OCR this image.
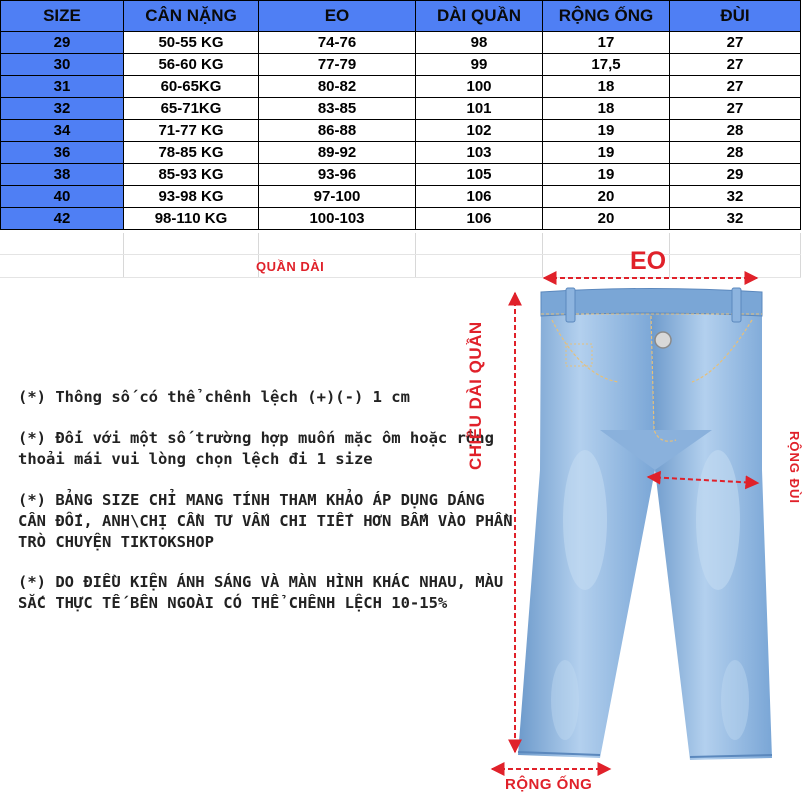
SIZE	CÂN NẶNG	EO	DÀI QUẦN	RỘNG ỐNG	ĐÙI
29	50-55 KG	74-76	98	17	27
30	56-60 KG	77-79	99	17,5	27
31	60-65KG	80-82	100	18	27
32	65-71KG	83-85	101	18	27
34	71-77 KG	86-88	102	19	28
36	78-85 KG	89-92	103	19	28
38	85-93 KG	93-96	105	19	29
40	93-98 KG	97-100	106	20	32
42	98-110 KG	100-103	106	20	32

QUẦN DÀI
(*) Thông số có thể chênh lệch (+)(-) 1 cm
(*) Đối với một số trường hợp muốn mặc ôm hoặc rộng thoải mái vui lòng chọn lệch đi 1 size
(*) BẢNG SIZE CHỈ MANG TÍNH THAM KHẢO ÁP DỤNG DÁNG CÂN ĐỐI, ANH\CHỊ CẦN TƯ VẤN CHI TIẾT HƠN BẤM VÀO PHẦN TRÒ CHUYỆN TIKTOKSHOP
(*) DO ĐIỀU KIỆN ÁNH SÁNG VÀ MÀN HÌNH KHÁC NHAU, MÀU SẮC THỰC TẾ BÊN NGOÀI CÓ THỂ CHÊNH LỆCH 10-15%
EO
CHIỀU DÀI QUẦN	RỘNG ĐÙI
RỘNG ỐNG
